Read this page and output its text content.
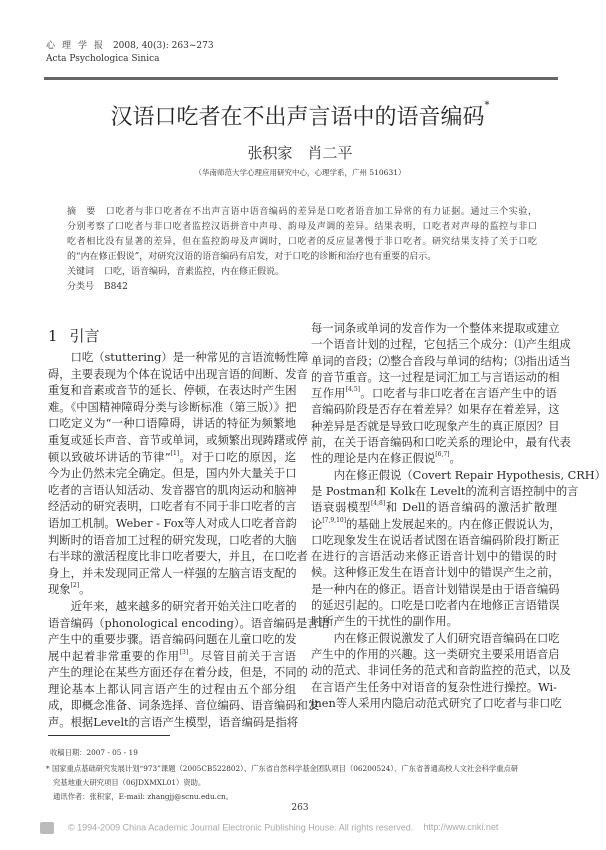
心 理 学 报 2008, 40(3): 263~273
Acta Psychologica Sinica
汉语口吃者在不出声言语中的语音编码*
张积家　肖二平
（华南师范大学心理应用研究中心，心理学系，广州 510631）
摘　要 口吃者与非口吃者在不出声言语中语音编码的差异是口吃者语音加工异常的有力证据。通过三个实验，
分别考察了口吃者与非口吃者监控汉语拼音中声母、韵母及声调的差异。结果表明，口吃者对声母的监控与非口
吃者相比没有显著的差异，但在监控韵母及声调时，口吃者的反应显著慢于非口吃者。研究结果支持了关于口吃
的“内在修正假说”，对研究汉语的语音编码有启发，对于口吃的诊断和治疗也有重要的启示。
关键词 口吃，语音编码，音素监控，内在修正假说。
分类号 B842
1 引言
口吃（stuttering）是一种常见的言语流畅性障
碍，主要表现为个体在说话中出现言语的间断、发音
重复和音素或音节的延长、停顿，在表达时产生困
难。《中国精神障碍分类与诊断标准（第三版）》把
口吃定义为“一种口语障碍，讲话的特征为频繁地
重复或延长声音、音节或单词，或频繁出现踌躇或停
顿以致破坏讲话的节律”[1]。对于口吃的原因，迄
今为止仍然未完全确定。但是，国内外大量关于口
吃者的言语认知活动、发音器官的肌肉运动和脑神
经活动的研究表明，口吃者有不同于非口吃者的言
语加工机制。Weber - Fox等人对成人口吃者音韵
判断时的语音加工过程的研究发现，口吃者的大脑
右半球的激活程度比非口吃者要大，并且，在口吃者
身上，并未发现同正常人一样强的左脑言语支配的
现象[2]。
近年来，越来越多的研究者开始关注口吃者的
语音编码（phonological encoding）。语音编码是言语
产生中的重要步骤。语音编码问题在儿童口吃的发
展中起着非常重要的作用[3]。尽管目前关于言语
产生的理论在某些方面还存在着分歧，但是，不同的
理论基本上都认同言语产生的过程由五个部分组
成，即概念准备、词条选择、音位编码、语音编码和发
声。根据Levelt的言语产生模型，语音编码是指将
每一词条或单词的发音作为一个整体来提取或建立
一个语音计划的过程，它包括三个成分：⑴产生组成
单词的音段；⑵整合音段与单词的结构；⑶指出适当
的音节重音。这一过程是词汇加工与言语运动的相
互作用[4,5]。口吃者与非口吃者在言语产生中的语
音编码阶段是否存在着差异？如果存在着差异，这
种差异是否就是导致口吃现象产生的真正原因？目
前，在关于语音编码和口吃关系的理论中，最有代表
性的理论是内在修正假说[6,7]。
内在修正假说（Covert Repair Hypothesis, CRH）
是 Postman和 Kolk在 Levelt的流利言语控制中的言
语衰弱模型[4,8]和 Dell的语音编码的激活扩散理
论[7,9,10]的基础上发展起来的。内在修正假说认为，
口吃现象发生在说话者试图在语音编码阶段打断正
在进行的言语活动来修正语音计划中的错误的时
候。这种修正发生在语音计划中的错误产生之前，
是一种内在的修正。语音计划错误是由于语音编码
的延迟引起的。口吃是口吃者内在地修正言语错误
时所产生的干扰性的副作用。
内在修正假说激发了人们研究语音编码在口吃
产生中的作用的兴趣。这一类研究主要采用语音启
动的范式、非词任务的范式和音韵监控的范式，以及
在言语产生任务中对语音的复杂性进行操控。Wi-
jnen等人采用内隐启动范式研究了口吃者与非口吃
收稿日期：2007 - 05 - 19
* 国家重点基础研究发展计划“973”课题（2005CB522802）、广东省自然科学基金团队项目（06200524）、广东省普通高校人文社会科学重点研
究基地重大研究项目（06JDXMXL01）资助。
通讯作者：张积家，E-mail: zhangjj@scnu.edu.cn。
263
© 1994-2009 China Academic Journal Electronic Publishing House. All rights reserved. http://www.cnki.net
